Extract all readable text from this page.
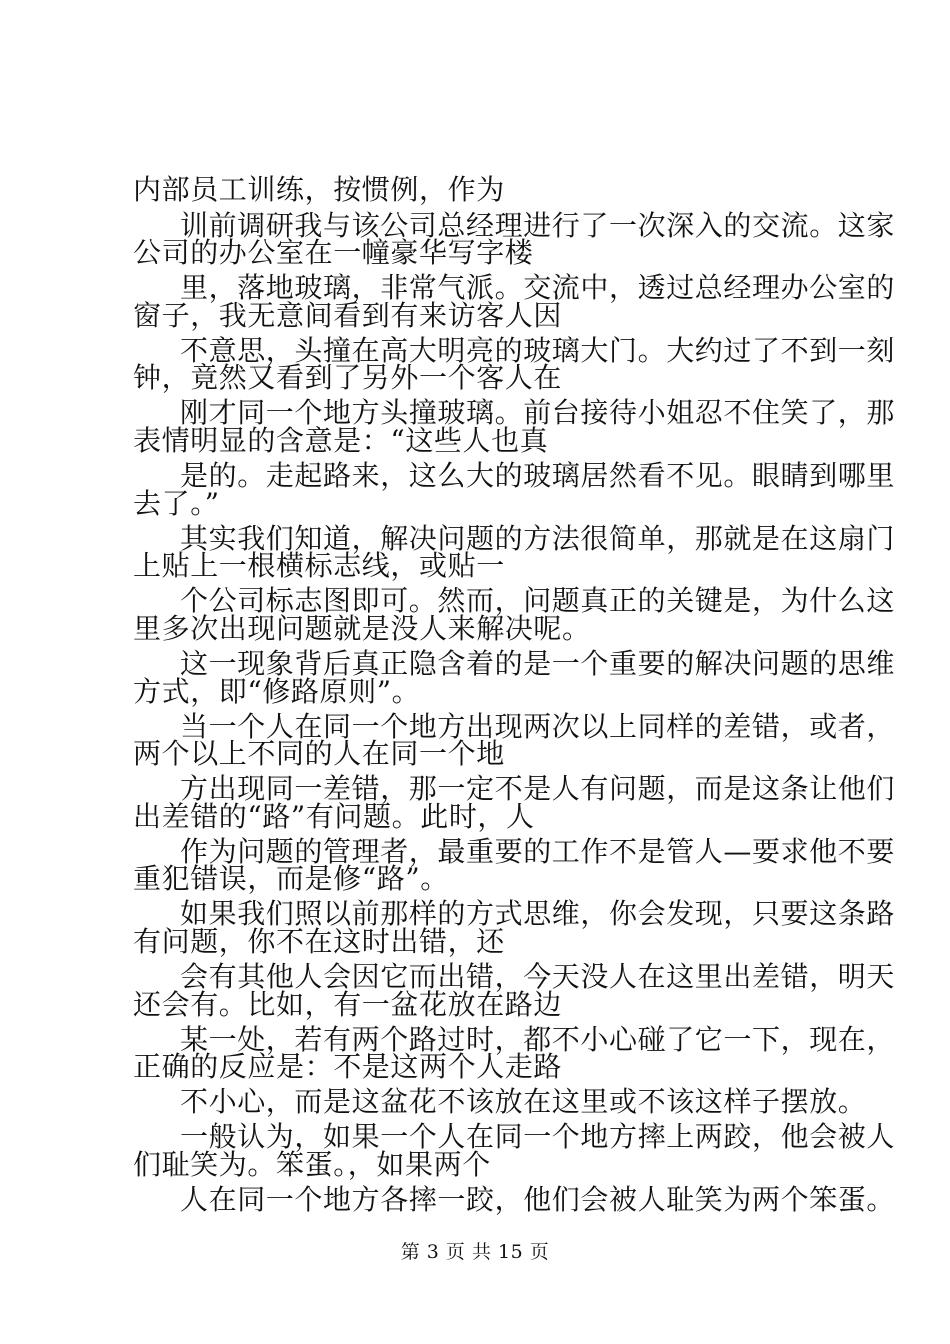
内部员工训练，按惯例，作为
训前调研我与该公司总经理进行了一次深入的交流。这家
公司的办公室在一幢豪华写字楼
里，落地玻璃，非常气派。交流中，透过总经理办公室的
窗子，我无意间看到有来访客人因
不意思，头撞在高大明亮的玻璃大门。大约过了不到一刻
钟，竟然又看到了另外一个客人在
刚才同一个地方头撞玻璃。前台接待小姐忍不住笑了，那
表情明显的含意是：“这些人也真
是的。走起路来，这么大的玻璃居然看不见。眼睛到哪里
去了。”
其实我们知道，解决问题的方法很简单，那就是在这扇门
上贴上一根横标志线，或贴一
个公司标志图即可。然而，问题真正的关键是，为什么这
里多次出现问题就是没人来解决呢。
这一现象背后真正隐含着的是一个重要的解决问题的思维
方式，即“修路原则”。
当一个人在同一个地方出现两次以上同样的差错，或者，
两个以上不同的人在同一个地
方出现同一差错，那一定不是人有问题，而是这条让他们
出差错的“路”有问题。此时，人
作为问题的管理者，最重要的工作不是管人—要求他不要
重犯错误，而是修“路”。
如果我们照以前那样的方式思维，你会发现，只要这条路
有问题，你不在这时出错，还
会有其他人会因它而出错，今天没人在这里出差错，明天
还会有。比如，有一盆花放在路边
某一处，若有两个路过时，都不小心碰了它一下，现在，
正确的反应是：不是这两个人走路
不小心，而是这盆花不该放在这里或不该这样子摆放。
一般认为，如果一个人在同一个地方摔上两跤，他会被人
们耻笑为。笨蛋。，如果两个
人在同一个地方各摔一跤，他们会被人耻笑为两个笨蛋。
第 3 页 共 15 页
